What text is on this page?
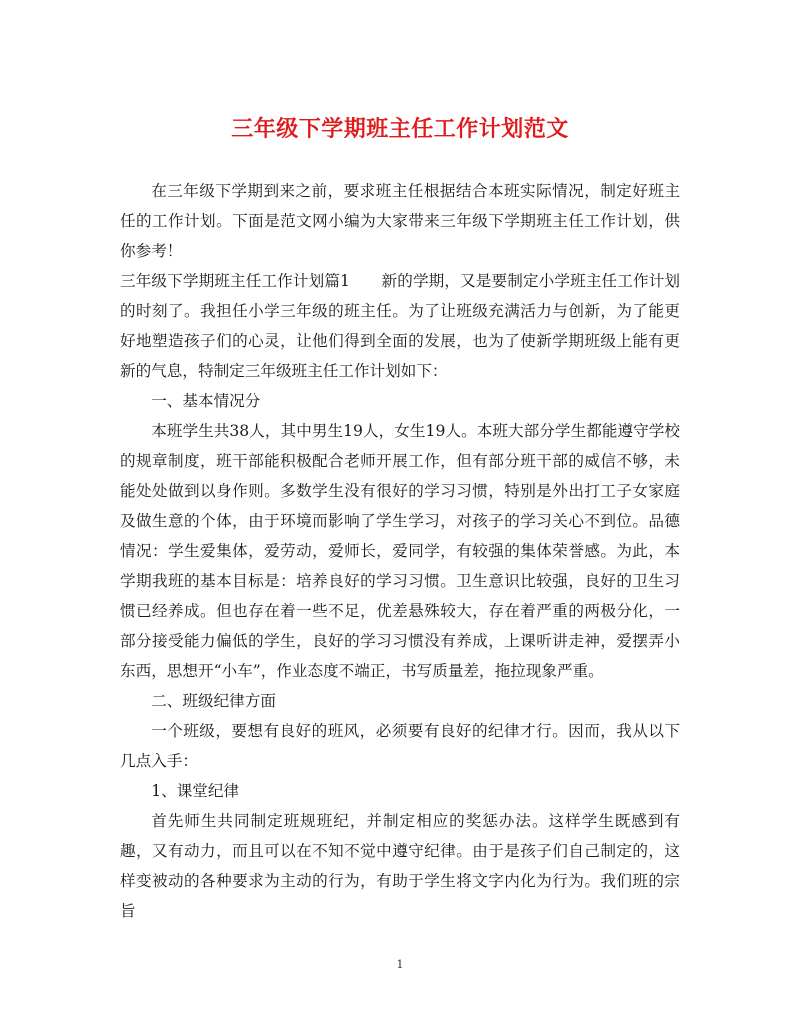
三年级下学期班主任工作计划范文

在三年级下学期到来之前，要求班主任根据结合本班实际情况，制定好班主任的工作计划。下面是范文网小编为大家带来三年级下学期班主任工作计划，供你参考！

三年级下学期班主任工作计划篇1　　新的学期，又是要制定小学班主任工作计划的时刻了。我担任小学三年级的班主任。为了让班级充满活力与创新，为了能更好地塑造孩子们的心灵，让他们得到全面的发展，也为了使新学期班级上能有更新的气息，特制定三年级班主任工作计划如下：

一、基本情况分

本班学生共38人，其中男生19人，女生19人。本班大部分学生都能遵守学校的规章制度，班干部能积极配合老师开展工作，但有部分班干部的威信不够，未能处处做到以身作则。多数学生没有很好的学习习惯，特别是外出打工子女家庭及做生意的个体，由于环境而影响了学生学习，对孩子的学习关心不到位。品德情况：学生爱集体，爱劳动，爱师长，爱同学，有较强的集体荣誉感。为此，本学期我班的基本目标是：培养良好的学习习惯。卫生意识比较强，良好的卫生习惯已经养成。但也存在着一些不足，优差悬殊较大，存在着严重的两极分化，一部分接受能力偏低的学生，良好的学习习惯没有养成，上课听讲走神，爱摆弄小东西，思想开“小车”，作业态度不端正，书写质量差，拖拉现象严重。

二、班级纪律方面

一个班级，要想有良好的班风，必须要有良好的纪律才行。因而，我从以下几点入手：

1、课堂纪律

首先师生共同制定班规班纪，并制定相应的奖惩办法。这样学生既感到有趣，又有动力，而且可以在不知不觉中遵守纪律。由于是孩子们自己制定的，这样变被动的各种要求为主动的行为，有助于学生将文字内化为行为。我们班的宗旨

1
